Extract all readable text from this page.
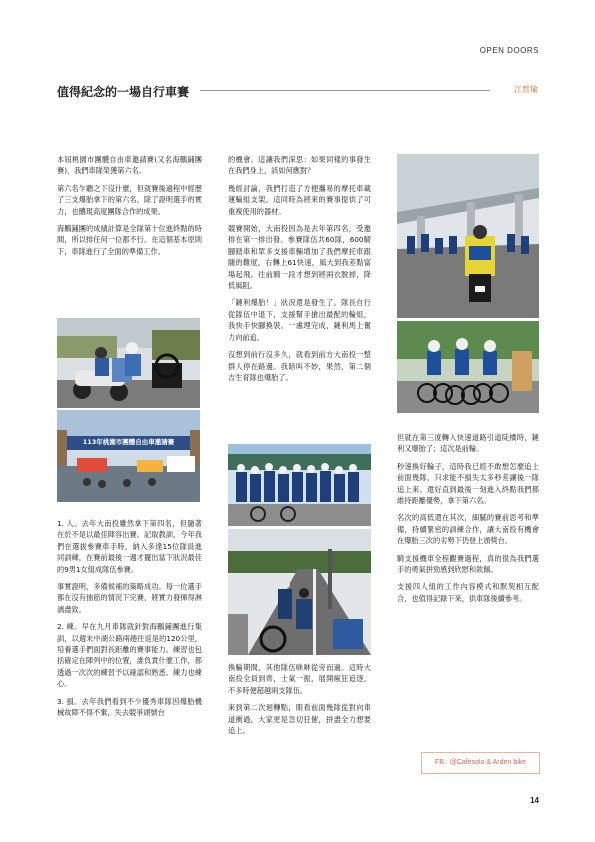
OPEN DOORS
值得紀念的一場自行車賽	江哲瑜

本屆桃園市團體自由車邀請賽(又名海鵬鋪團賽)，我們車隊榮獲第六名。

第六名乍聽之下沒什麼，但就賽後過程中經歷了三支爆胎拿下的第六名，除了證明選手的實力，也體現高度團隊合作的成果。

海鵬鋪團的成績計算是全隊第十位進終點的時間，所以排任何一位都不行。在這個基本原則下，車隊進行了全面的準備工作。

113年桃園市團體自由車邀請賽

1. 人。去年大南投雖然拿下第四名，但隨著在於不是以最佳陣容出賽。記取教訓，今年我們在選拔參賽車手時，納入多達15位隊員進同訓練，在賽前最後一週才擺出當下狀況最佳的9男1女組成隊伍參賽。

事實證明，多備候補的策略成功。每一位選手都在沒有抽筋的情況下完賽，將實力發揮得淋漓盡致。

2. 練。早在九月車隊就針對海鵬鋪團進行集訓，以週末中湖公路兩趟往返是的120公里，培養選手們面對長距離的賽事能力。練習也包括確定在陣列中的位置，誰負責什麼工作，都透過一次次的練習予以確認和熟悉。練力也練心。

3. 損。去年我們看到不少優秀車隊因爆胎機械故障不得不棄，失去競爭頭號台

的機會。這讓我們深思：如果同樣的事發生在我們身上，該如何應對？

幾經討論，我們打造了方便攜易的摩托車載運輪組支架。這同時為將來的賽事提供了可重複使用的器材。

競賽開始，大南投因為是去年第四名，受邀排在第一排出發。參賽隊伍共60隊，600騎腳踏車和眾多支援車輛增加了我們摩托車跟隨的難度。右轉上61快速，風大到我差點富場起飛。往前騎一段才想到將兩衣脫掉，降低風阻。

「鏈利爆胎！」狀況還是發生了。隊長自行從隊伍中退下，支援幫手搶出最配的輪組，我快手快腳換裝。一處理完成，鏈利馬上奮力向前追。

沒想到前行沒多久，就看到前方大南投一整群人停在路邊。我暗叫不妙，果然，第二個吉生育隊也爆胎了。

換輪期間，其他隊伍咻咻從旁而過。這時大南投全員到齊，士氣一振，展開瘋狂追逐，不多時便超越兩支隊伍。

來到第二次迴轉點，眼看前面幾隊從對向車道衝過，大家更是急切狂催，拼盡全力想要追上。

但就在第三度轉入快速道路引道陡橋時，鏈利又爆胎了；這次是前輪。

秒速換好輪子，這時我已經不敢想怎麼追上前面幾隊，只求能不損失太多秒差讓後一隊追上來。還好直到最後一刻進入終點我們都維持距離優勢，拿下第六名。

名次的高低還在其次，細膩的賽前思考和準備，持續緊密的訓練合作，讓大南投有機會在爆胎三次的劣勢下仍登上頒獎台。

騎支援機車全程觀賽過程，真的很為我們選手的勇氣拼勁感到欣慰和欽佩。

支援四人組的工作內容模式和默契相互配合，也值得記錄下來，供車隊後續參考。

FB : @Cafesolo & Arden bike
14
